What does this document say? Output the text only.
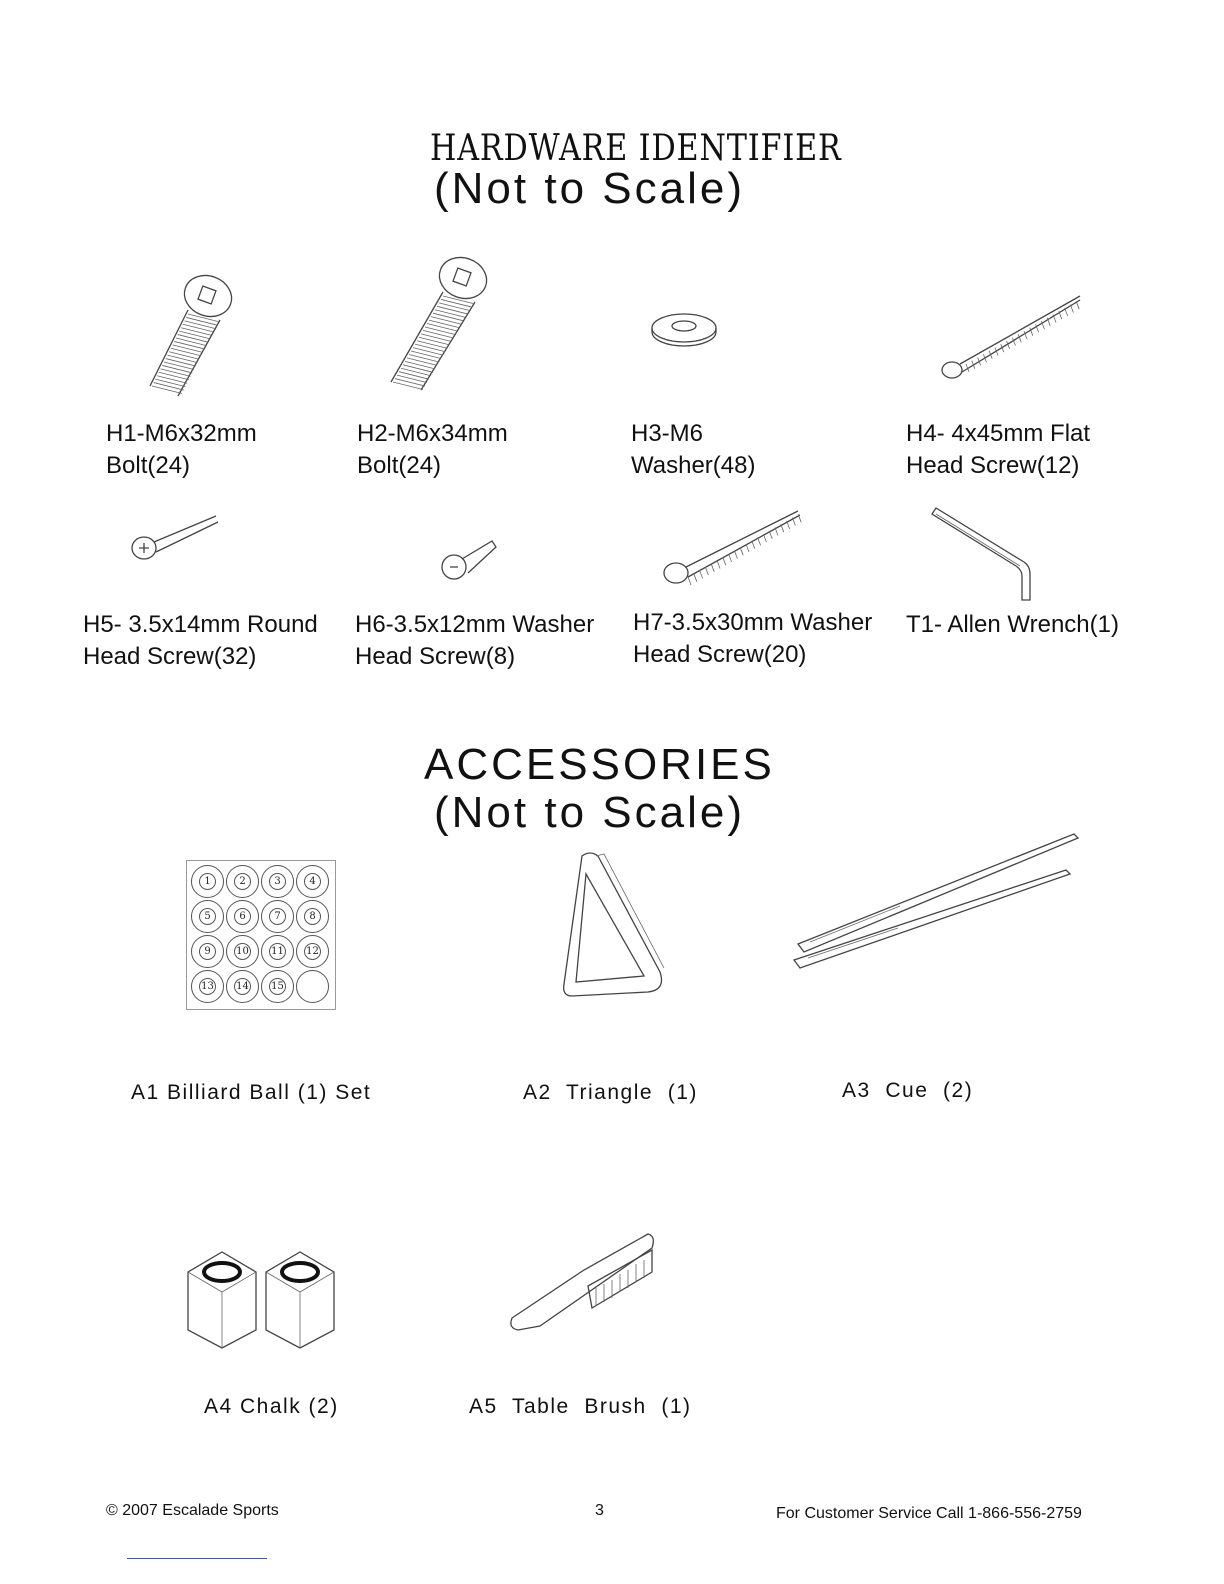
HARDWARE IDENTIFIER
(Not to Scale)
H1-M6x32mm
Bolt(24)
H2-M6x34mm
Bolt(24)
H3-M6
Washer(48)
H4- 4x45mm Flat
Head Screw(12)
H5- 3.5x14mm Round
Head Screw(32)
H6-3.5x12mm Washer
Head Screw(8)
H7-3.5x30mm Washer
Head Screw(20)
T1- Allen Wrench(1)
ACCESSORIES
(Not to Scale)
1	2	3	4
5	6	7	8
9	10 11 12
13 14 15
A1 Billiard Ball (1) Set	A2  Triangle  (1)	A3  Cue  (2)
A4 Chalk (2)	A5  Table  Brush  (1)
© 2007 Escalade Sports	3	For Customer Service Call 1-866-556-2759
